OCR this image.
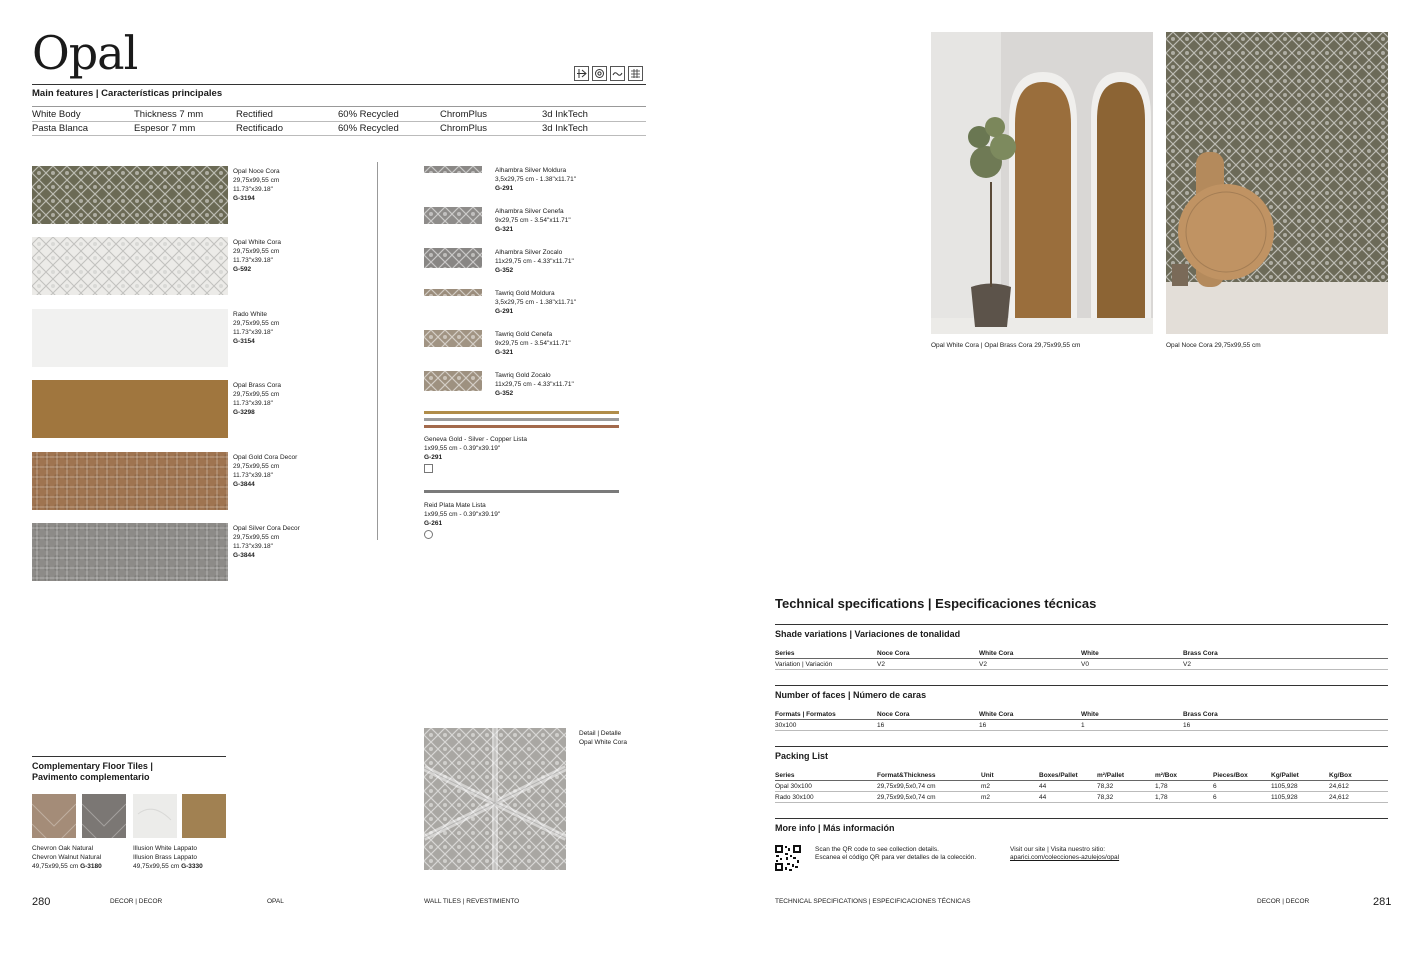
Opal
Main features | Características principales
White Body	Thickness 7 mm	Rectified	60% Recycled	ChromPlus	3d InkTech
Pasta Blanca	Espesor 7 mm	Rectificado	60% Recycled	ChromPlus	3d InkTech
Opal Noce Cora
29,75x99,55 cm
11.73"x39.18"
G-3194
Opal White Cora
29,75x99,55 cm
11.73"x39.18"
G-592
Rado White
29,75x99,55 cm
11.73"x39.18"
G-3154
Opal Brass Cora
29,75x99,55 cm
11.73"x39.18"
G-3298
Opal Gold Cora Decor
29,75x99,55 cm
11.73"x39.18"
G-3844
Opal Silver Cora Decor
29,75x99,55 cm
11.73"x39.18"
G-3844
Alhambra Silver Moldura
3,5x29,75 cm - 1.38"x11.71"
G-291
Alhambra Silver Cenefa
9x29,75 cm - 3.54"x11.71"
G-321
Alhambra Silver Zocalo
11x29,75 cm - 4.33"x11.71"
G-352
Tawriq Gold Moldura
3,5x29,75 cm - 1.38"x11.71"
G-291
Tawriq Gold Cenefa
9x29,75 cm - 3.54"x11.71"
G-321
Tawriq Gold Zocalo
11x29,75 cm - 4.33"x11.71"
G-352
Geneva Gold - Silver - Copper Lista
1x99,55 cm - 0.39"x39.19"
G-291
Reid Plata Mate Lista
1x99,55 cm - 0.39"x39.19"
G-261
Detail | Detalle
Opal White Cora
Complementary Floor Tiles |
Pavimento complementario
Chevron Oak Natural
Chevron Walnut Natural
49,75x99,55 cm G-3180
Illusion White Lappato
Illusion Brass Lappato
49,75x99,55 cm G-3330
280	DECOR | DECOR	OPAL	WALL TILES | REVESTIMIENTO
Opal White Cora | Opal Brass Cora 29,75x99,55 cm	Opal Noce Cora 29,75x99,55 cm
Technical specifications | Especificaciones técnicas
Shade variations | Variaciones de tonalidad
Series	Noce Cora	White Cora	White	Brass Cora
Variation | Variación	V2	V2	V0	V2
Number of faces | Número de caras
Formats | Formatos	Noce Cora	White Cora	White	Brass Cora
30x100	16	16	1	16
Packing List
Series	Format&Thickness	Unit	Boxes/Pallet	m²/Pallet	m²/Box	Pieces/Box	Kg/Pallet	Kg/Box
Opal 30x100	29,75x99,5x0,74 cm	m2	44	78,32	1,78	6	1105,928	24,612
Rado 30x100	29,75x99,5x0,74 cm	m2	44	78,32	1,78	6	1105,928	24,612
More info | Más información
Scan the QR code to see collection details.
Escanea el código QR para ver detalles de la colección.
Visit our site | Visita nuestro sitio:
aparici.com/colecciones-azulejos/opal
TECHNICAL SPECIFICATIONS | ESPECIFICACIONES TÉCNICAS	DECOR | DECOR	281
